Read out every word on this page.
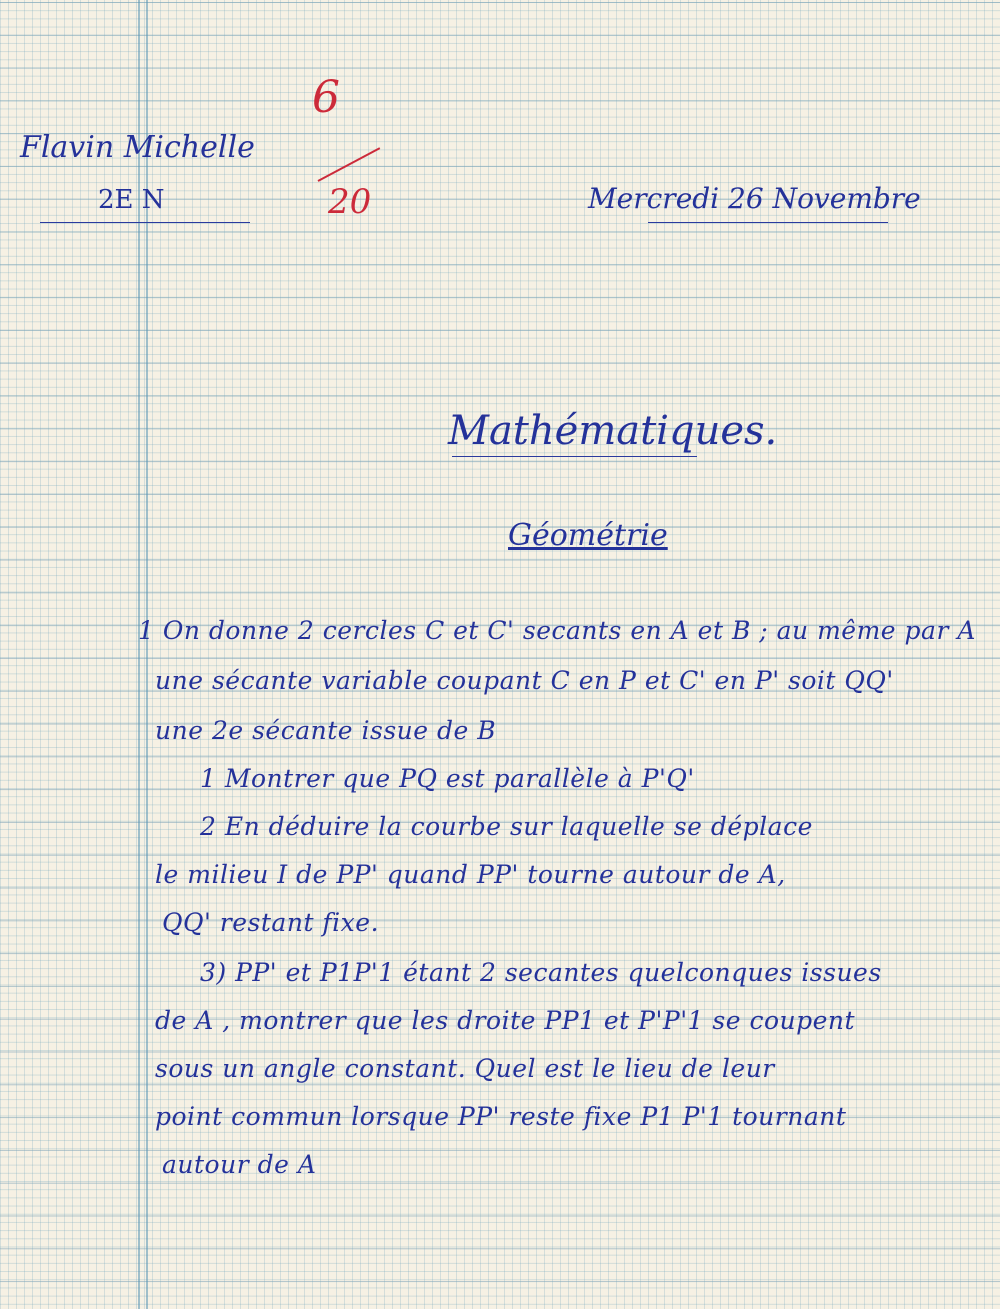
Flavin Michelle
2E N	Mercredi 26 Novembre
6
20
Mathématiques.
Géométrie
1 On donne 2 cercles C et C' secants en A et B ; au même par A
une sécante variable coupant C en P et C' en P' soit QQ'
une 2e sécante issue de B
1 Montrer que PQ est parallèle à P'Q'
2 En déduire la courbe sur laquelle se déplace
le milieu I de PP' quand PP' tourne autour de A,
QQ' restant fixe.
3) PP' et P1P'1 étant 2 secantes quelconques issues
de A , montrer que les droite PP1 et P'P'1 se coupent
sous un angle constant. Quel est le lieu de leur
point commun lorsque PP' reste fixe P1 P'1 tournant
autour de A
